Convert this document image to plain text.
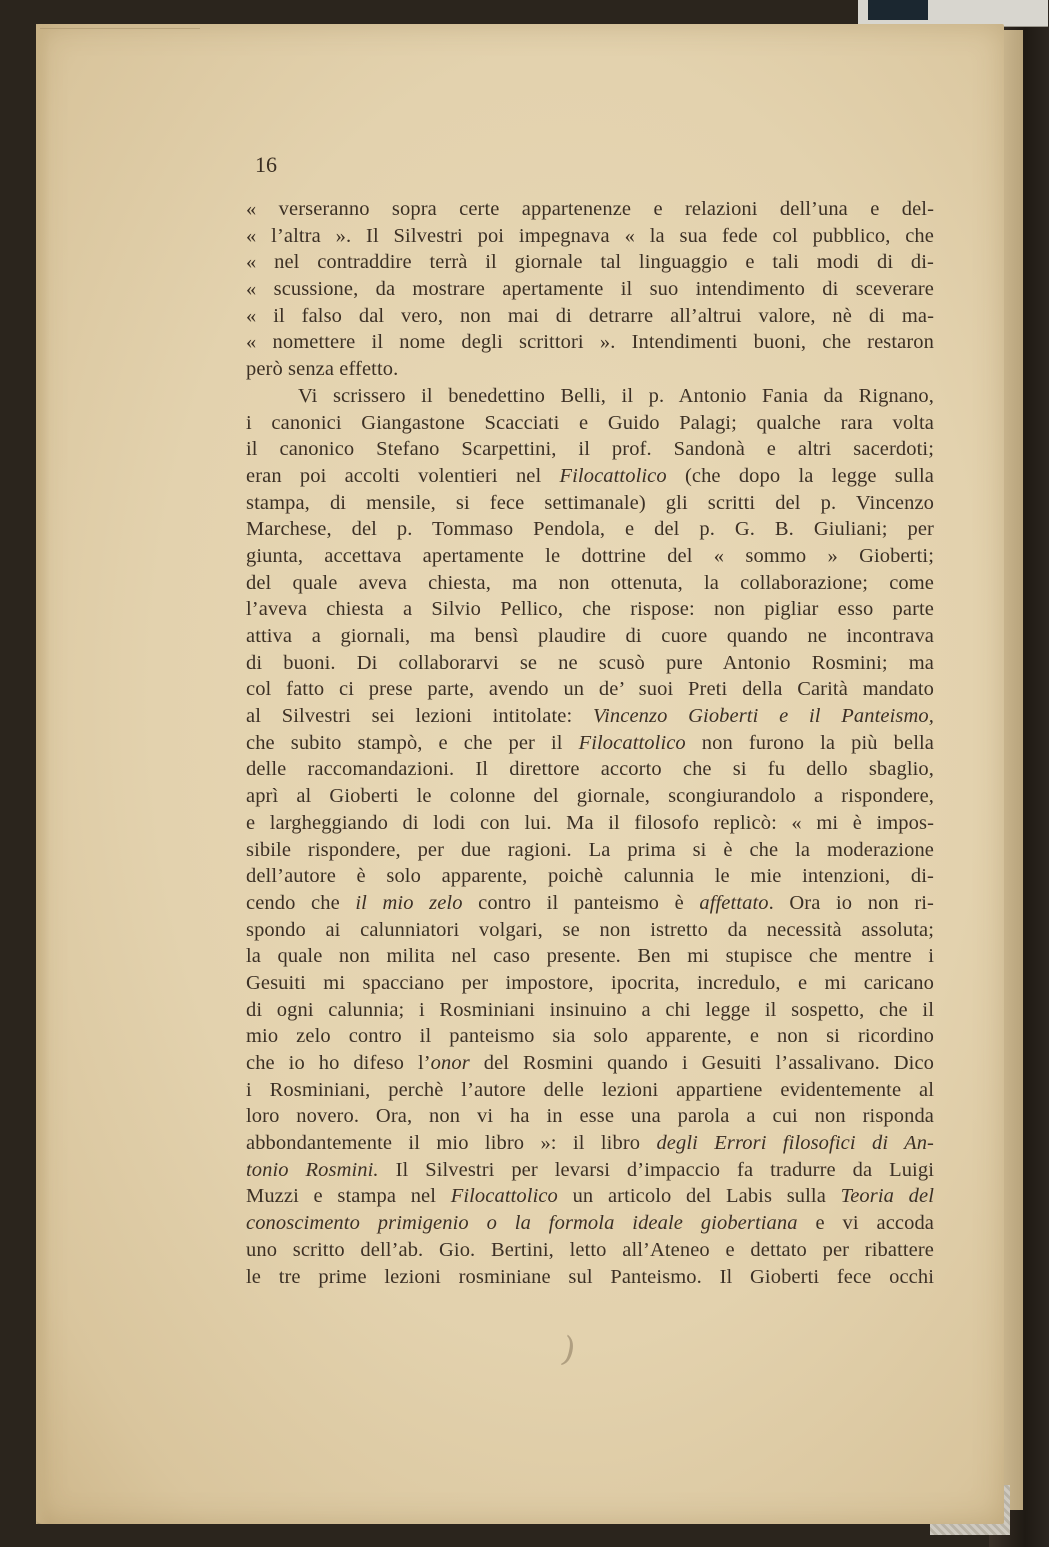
16

« verseranno sopra certe appartenenze e relazioni dell’una e del-
« l’altra ». Il Silvestri poi impegnava « la sua fede col pubblico, che
« nel contraddire terrà il giornale tal linguaggio e tali modi di di-
« scussione, da mostrare apertamente il suo intendimento di sceverare
« il falso dal vero, non mai di detrarre all’altrui valore, nè di ma-
« nomettere il nome degli scrittori ». Intendimenti buoni, che restaron
però senza effetto.
Vi scrissero il benedettino Belli, il p. Antonio Fania da Rignano,
i canonici Giangastone Scacciati e Guido Palagi; qualche rara volta
il canonico Stefano Scarpettini, il prof. Sandonà e altri sacerdoti;
eran poi accolti volentieri nel Filocattolico (che dopo la legge sulla
stampa, di mensile, si fece settimanale) gli scritti del p. Vincenzo
Marchese, del p. Tommaso Pendola, e del p. G. B. Giuliani; per
giunta, accettava apertamente le dottrine del « sommo » Gioberti;
del quale aveva chiesta, ma non ottenuta, la collaborazione; come
l’aveva chiesta a Silvio Pellico, che rispose: non pigliar esso parte
attiva a giornali, ma bensì plaudire di cuore quando ne incontrava
di buoni. Di collaborarvi se ne scusò pure Antonio Rosmini; ma
col fatto ci prese parte, avendo un de’ suoi Preti della Carità mandato
al Silvestri sei lezioni intitolate: Vincenzo Gioberti e il Panteismo,
che subito stampò, e che per il Filocattolico non furono la più bella
delle raccomandazioni. Il direttore accorto che si fu dello sbaglio,
aprì al Gioberti le colonne del giornale, scongiurandolo a rispondere,
e largheggiando di lodi con lui. Ma il filosofo replicò: « mi è impos-
sibile rispondere, per due ragioni. La prima si è che la moderazione
dell’autore è solo apparente, poichè calunnia le mie intenzioni, di-
cendo che il mio zelo contro il panteismo è affettato. Ora io non ri-
spondo ai calunniatori volgari, se non istretto da necessità assoluta;
la quale non milita nel caso presente. Ben mi stupisce che mentre i
Gesuiti mi spacciano per impostore, ipocrita, incredulo, e mi caricano
di ogni calunnia; i Rosminiani insinuino a chi legge il sospetto, che il
mio zelo contro il panteismo sia solo apparente, e non si ricordino
che io ho difeso l’onor del Rosmini quando i Gesuiti l’assalivano. Dico
i Rosminiani, perchè l’autore delle lezioni appartiene evidentemente al
loro novero. Ora, non vi ha in esse una parola a cui non risponda
abbondantemente il mio libro »: il libro degli Errori filosofici di An-
tonio Rosmini. Il Silvestri per levarsi d’impaccio fa tradurre da Luigi
Muzzi e stampa nel Filocattolico un articolo del Labis sulla Teoria del
conoscimento primigenio o la formola ideale giobertiana e vi accoda
uno scritto dell’ab. Gio. Bertini, letto all’Ateneo e dettato per ribattere
le tre prime lezioni rosminiane sul Panteismo. Il Gioberti fece occhi
)
